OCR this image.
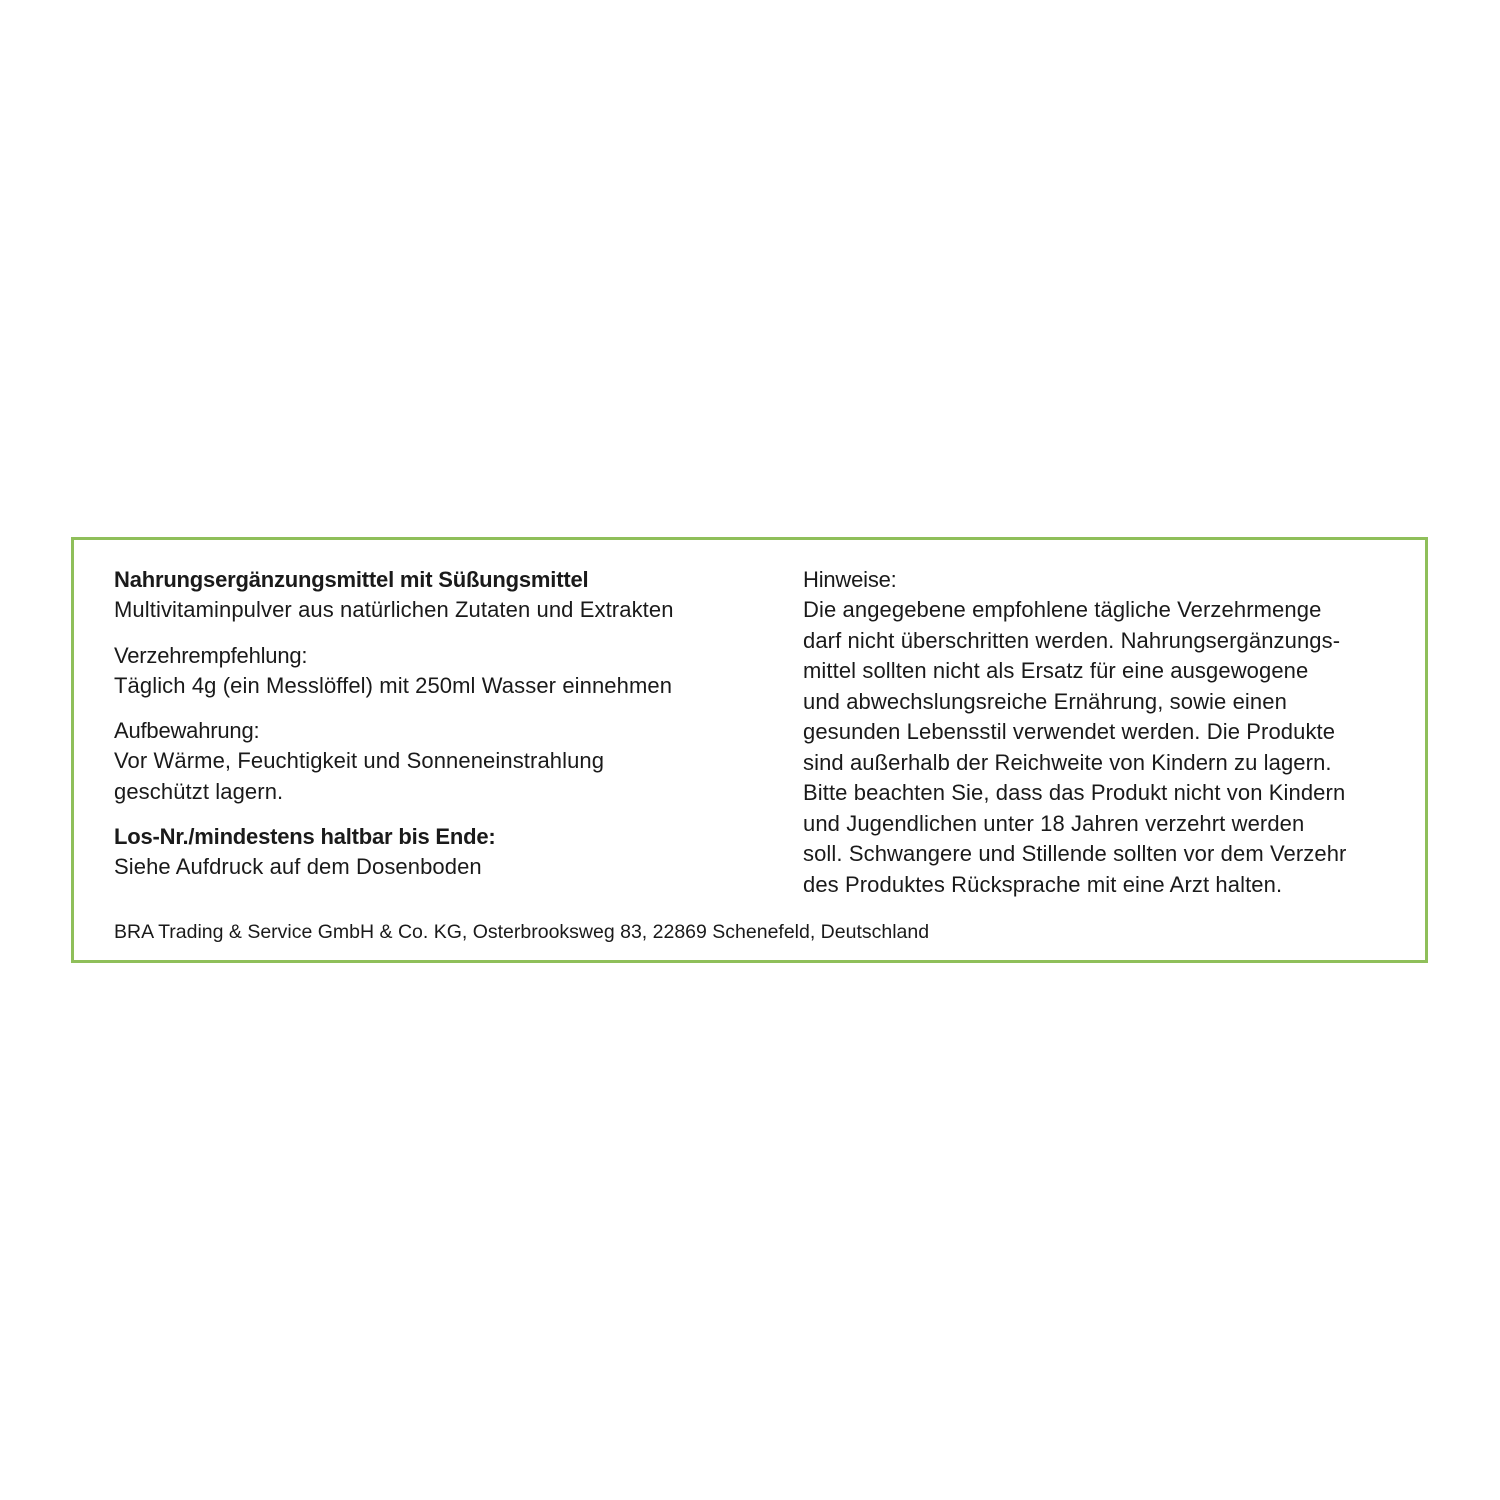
Nahrungsergänzungsmittel mit Süßungsmittel

Multivitaminpulver aus natürlichen Zutaten und Extrakten

Verzehrempfehlung:

Täglich 4g (ein Messlöffel) mit 250ml Wasser einnehmen

Aufbewahrung:

Vor Wärme, Feuchtigkeit und Sonneneinstrahlung
geschützt lagern.

Los-Nr./mindestens haltbar bis Ende:

Siehe Aufdruck auf dem Dosenboden

Hinweise:

Die angegebene empfohlene tägliche Verzehrmenge
darf nicht überschritten werden. Nahrungsergänzungs-
mittel sollten nicht als Ersatz für eine ausgewogene
und abwechslungsreiche Ernährung, sowie einen
gesunden Lebensstil verwendet werden. Die Produkte
sind außerhalb der Reichweite von Kindern zu lagern.
Bitte beachten Sie, dass das Produkt nicht von Kindern
und Jugendlichen unter 18 Jahren verzehrt werden
soll. Schwangere und Stillende sollten vor dem Verzehr
des Produktes Rücksprache mit eine Arzt halten.

BRA Trading & Service GmbH & Co. KG, Osterbrooksweg 83, 22869 Schenefeld, Deutschland
